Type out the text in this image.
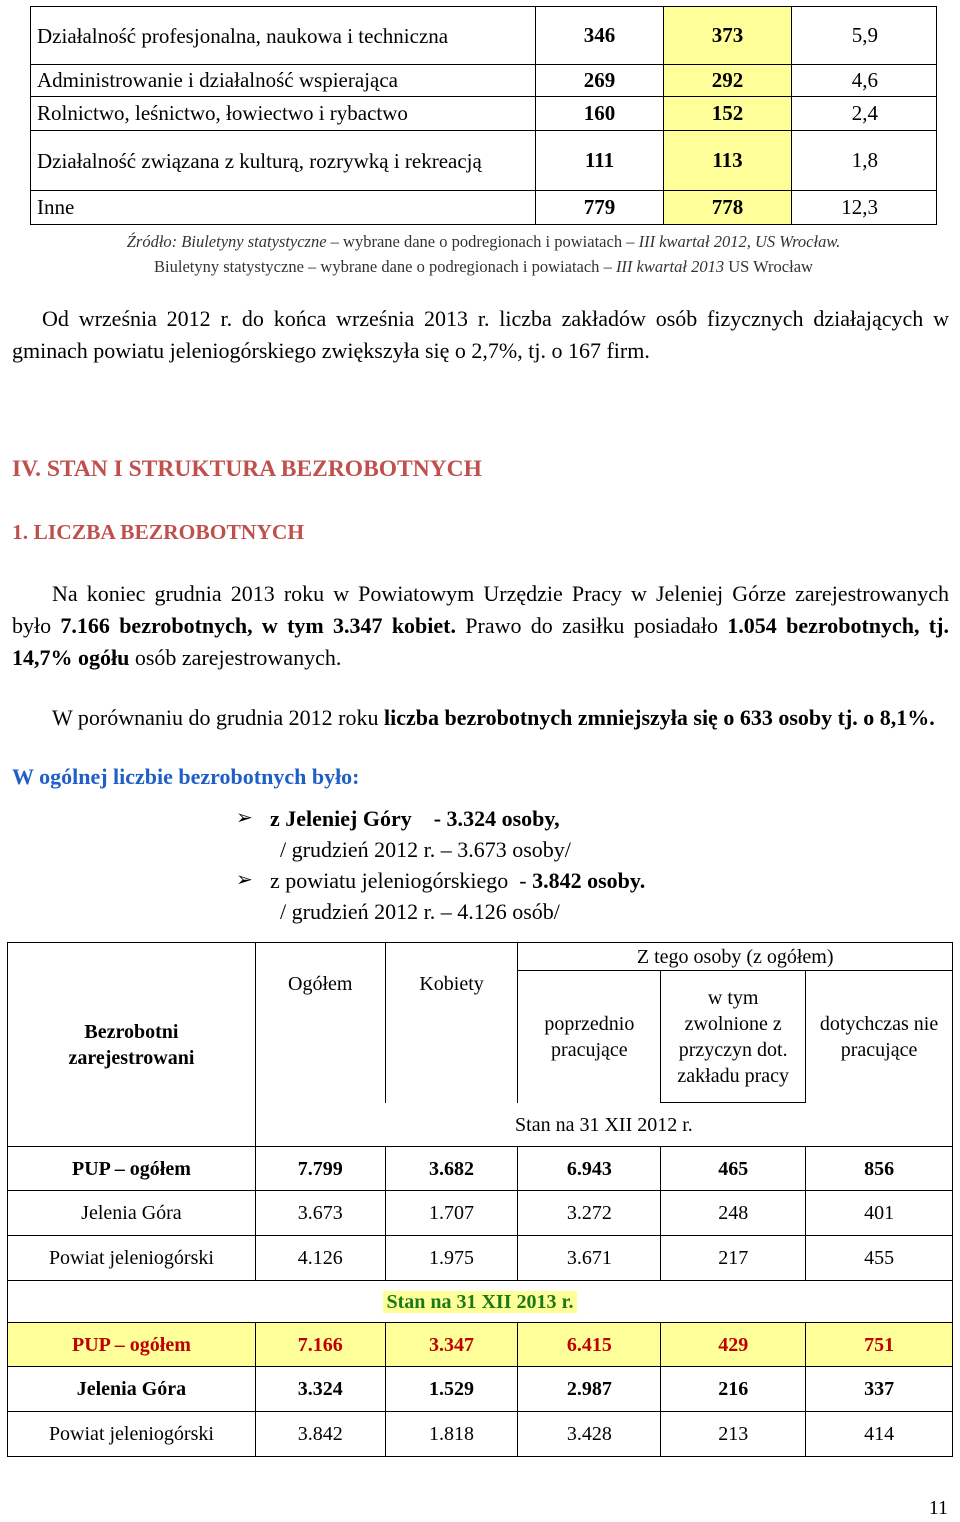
Działalność profesjonalna, naukowa i techniczna	346	373	5,9
Administrowanie i działalność wspierająca	269	292	4,6
Rolnictwo, leśnictwo, łowiectwo i rybactwo	160	152	2,4
Działalność związana z kulturą, rozrywką i rekreacją	111	113	1,8
Inne	779	778	12,3
Źródło: Biuletyny statystyczne – wybrane dane o podregionach i powiatach – III kwartał 2012, US Wrocław.
Biuletyny statystyczne – wybrane dane o podregionach i powiatach – III kwartał 2013 US Wrocław
Od września 2012 r. do końca września 2013 r. liczba zakładów osób fizycznych działających w gminach powiatu jeleniogórskiego zwiększyła się o 2,7%, tj. o 167 firm.
IV. STAN I STRUKTURA BEZROBOTNYCH
1. LICZBA BEZROBOTNYCH
Na koniec grudnia 2013 roku w Powiatowym Urzędzie Pracy w Jeleniej Górze zarejestrowanych było 7.166 bezrobotnych, w tym 3.347 kobiet. Prawo do zasiłku posiadało 1.054 bezrobotnych, tj. 14,7% ogółu osób zarejestrowanych.
W porównaniu do grudnia 2012 roku liczba bezrobotnych zmniejszyła się o 633 osoby tj. o 8,1%.
W ogólnej liczbie bezrobotnych było:
➢ z Jeleniej Góry    - 3. 324 osoby,
/ grudzień 2012 r. – 3.673 osoby/
➢ z powiatu jeleniogórskiego  - 3.842 osoby.
/ grudzień 2012 r. – 4.126 osób/
Bezrobotni zarejestrowani	Ogółem	Kobiety	Z tego osoby (z ogółem)		
			poprzednio pracujące	w tym zwolnione z przyczyn dot. zakładu pracy	dotychczas nie pracujące
	Stan na 31 XII 2012 r.				
PUP – ogółem	7.799	3.682	6.943	465	856
Jelenia Góra	3.673	1.707	3.272	248	401
Powiat jeleniogórski	4.126	1.975	3.671	217	455
Stan na 31 XII 2013 r.					
PUP – ogółem	7.166	3.347	6.415	429	751
Jelenia Góra	3.324	1.529	2.987	216	337
Powiat jeleniogórski	3.842	1.818	3.428	213	414
11
